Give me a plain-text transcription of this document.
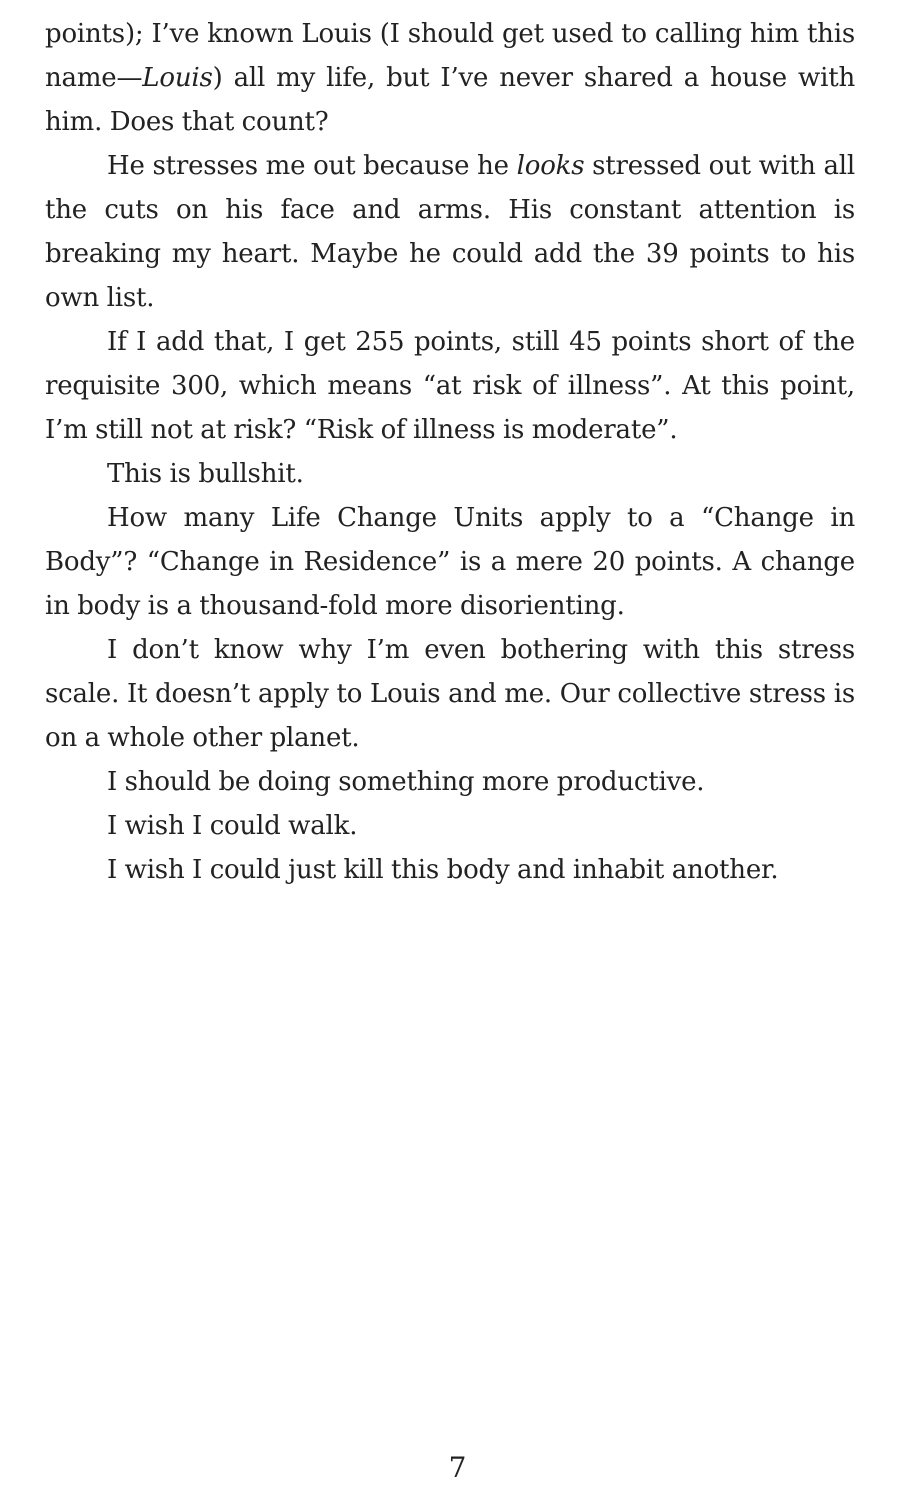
points); I’ve known Louis (I should get used to calling him this name—Louis) all my life, but I’ve never shared a house with him. Does that count?

He stresses me out because he looks stressed out with all the cuts on his face and arms. His constant attention is breaking my heart. Maybe he could add the 39 points to his own list.

If I add that, I get 255 points, still 45 points short of the requisite 300, which means “at risk of illness”. At this point, I’m still not at risk? “Risk of illness is moderate”.

This is bullshit.

How many Life Change Units apply to a “Change in Body”? “Change in Residence” is a mere 20 points. A change in body is a thousand-fold more disorienting.

I don’t know why I’m even bothering with this stress scale. It doesn’t apply to Louis and me. Our collective stress is on a whole other planet.

I should be doing something more productive.

I wish I could walk.

I wish I could just kill this body and inhabit another.

7
